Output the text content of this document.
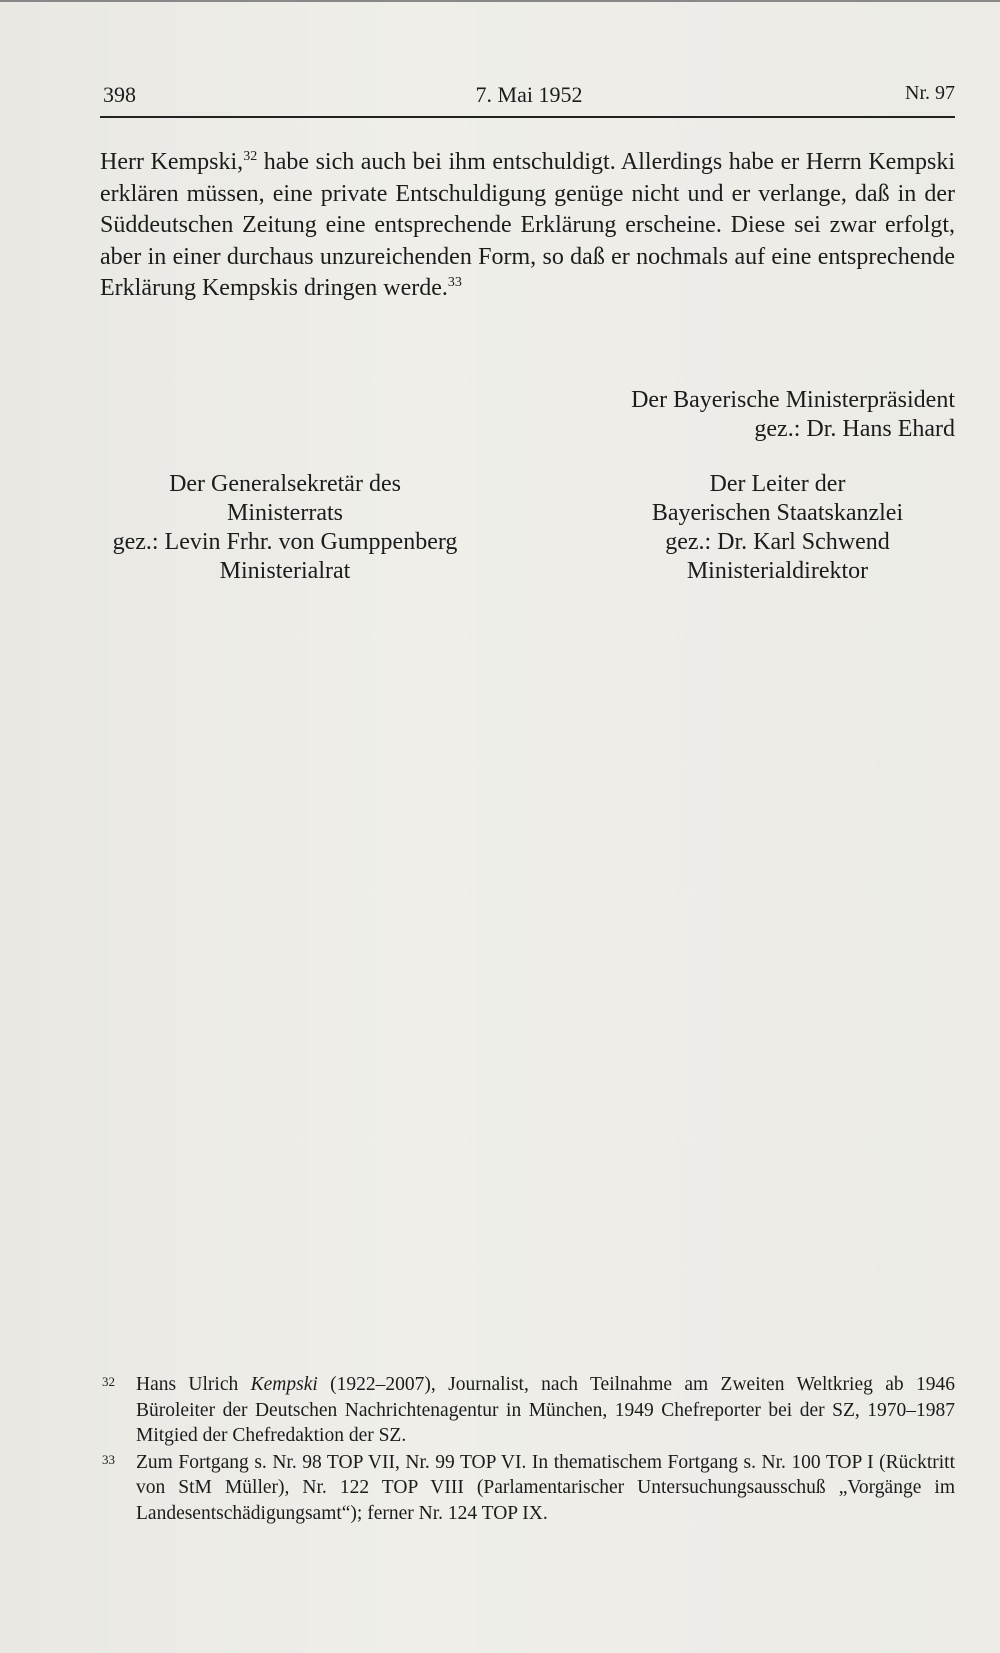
398	7. Mai 1952	Nr. 97

Herr Kempski,$^{32}$ habe sich auch bei ihm entschuldigt. Allerdings habe er Herrn Kempski erklären müssen, eine private Entschuldigung genüge nicht und er verlange, daß in der Süddeutschen Zeitung eine entsprechende Erklärung erscheine. Diese sei zwar erfolgt, aber in einer durchaus unzureichenden Form, so daß er nochmals auf eine entsprechende Erklärung Kempskis dringen werde.$^{33}$

Der Bayerische Ministerpräsident
gez.: Dr. Hans Ehard
Der Generalsekretär des
Ministerrats
gez.: Levin Frhr. von Gumppenberg
Ministerialrat
Der Leiter der
Bayerischen Staatskanzlei
gez.: Dr. Karl Schwend
Ministerialdirektor
32 Hans Ulrich Kempski (1922–2007), Journalist, nach Teilnahme am Zweiten Weltkrieg ab 1946 Büroleiter der Deutschen Nachrichtenagentur in München, 1949 Chefreporter bei der SZ, 1970–1987 Mitgied der Chefredaktion der SZ.
33 Zum Fortgang s. Nr. 98 TOP VII, Nr. 99 TOP VI. In thematischem Fortgang s. Nr. 100 TOP I (Rücktritt von StM Müller), Nr. 122 TOP VIII (Parlamentarischer Untersuchungsausschuß „Vorgänge im Landesentschädigungsamt“); ferner Nr. 124 TOP IX.
